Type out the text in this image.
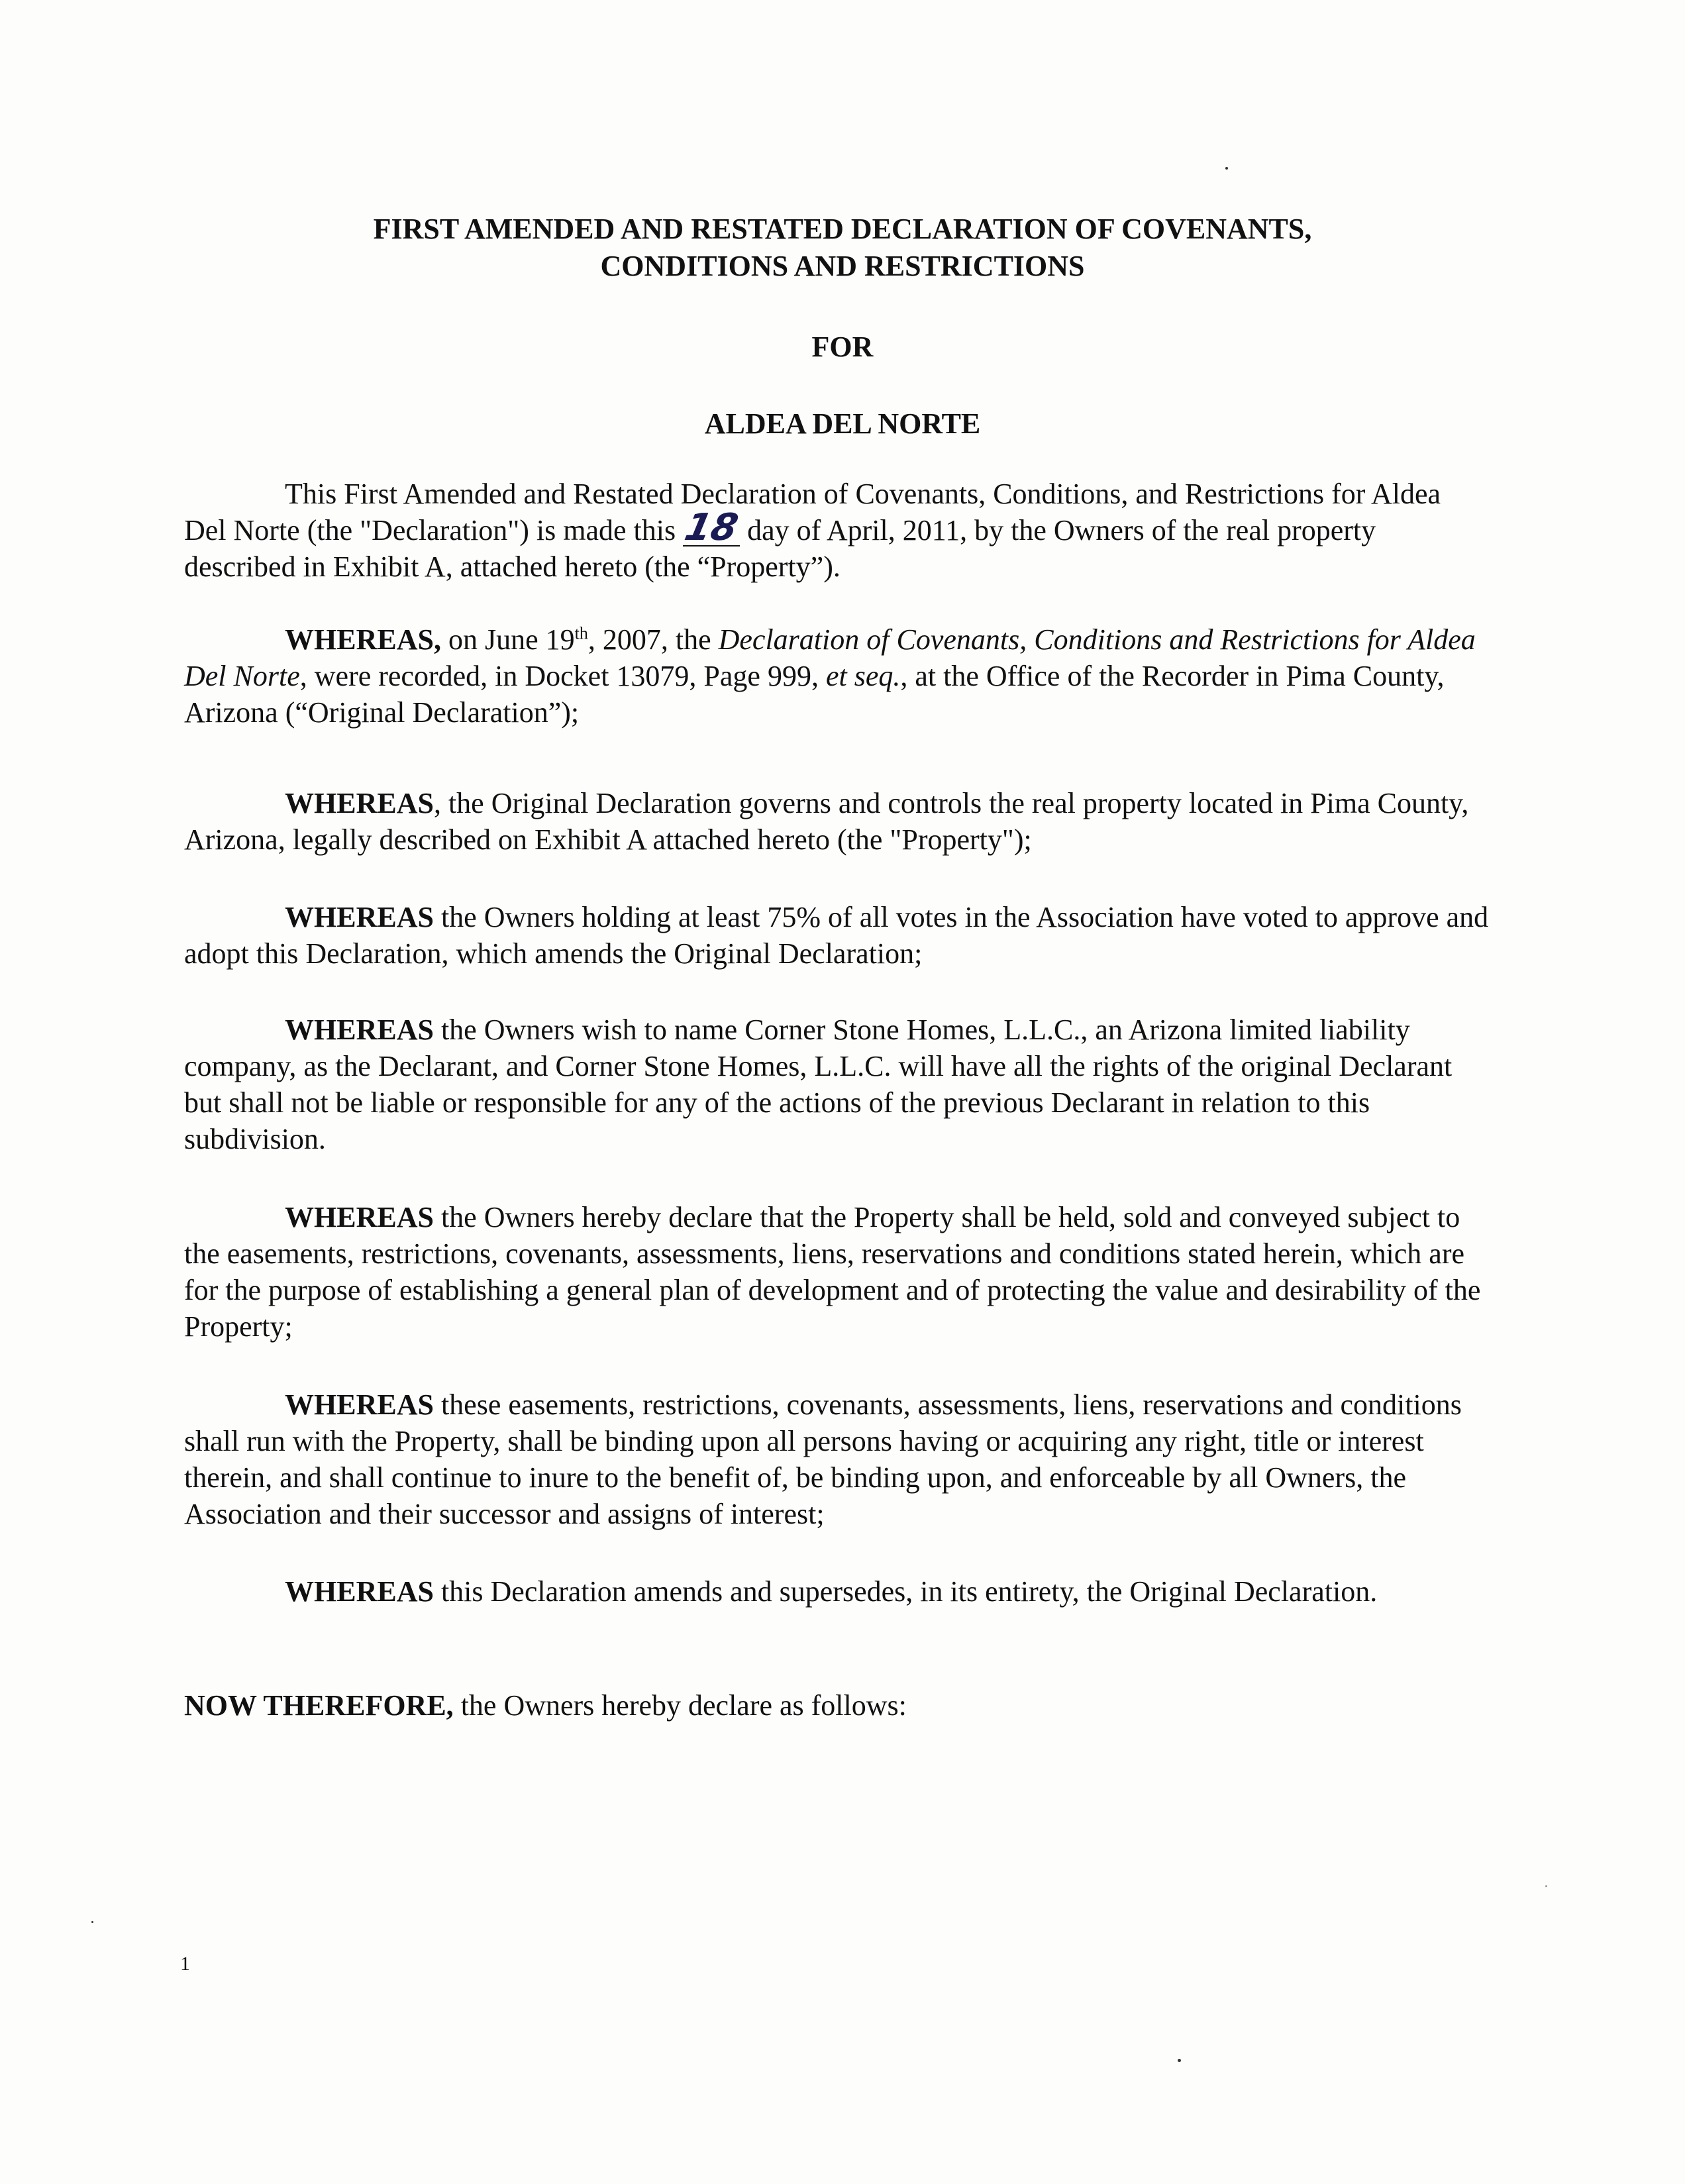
FIRST AMENDED AND RESTATED DECLARATION OF COVENANTS,
CONDITIONS AND RESTRICTIONS

FOR

ALDEA DEL NORTE

This First Amended and Restated Declaration of Covenants, Conditions, and Restrictions for Aldea Del Norte (the "Declaration") is made this 18 day of April, 2011, by the Owners of the real property described in Exhibit A, attached hereto (the “Property”).

WHEREAS, on June 19th, 2007, the Declaration of Covenants, Conditions and Restrictions for Aldea Del Norte, were recorded, in Docket 13079, Page 999, et seq., at the Office of the Recorder in Pima County, Arizona (“Original Declaration”);

WHEREAS, the Original Declaration governs and controls the real property located in Pima County, Arizona, legally described on Exhibit A attached hereto (the "Property");

WHEREAS the Owners holding at least 75% of all votes in the Association have voted to approve and adopt this Declaration, which amends the Original Declaration;

WHEREAS the Owners wish to name Corner Stone Homes, L.L.C., an Arizona limited liability company, as the Declarant, and Corner Stone Homes, L.L.C. will have all the rights of the original Declarant but shall not be liable or responsible for any of the actions of the previous Declarant in relation to this subdivision.

WHEREAS the Owners hereby declare that the Property shall be held, sold and conveyed subject to the easements, restrictions, covenants, assessments, liens, reservations and conditions stated herein, which are for the purpose of establishing a general plan of development and of protecting the value and desirability of the Property;

WHEREAS these easements, restrictions, covenants, assessments, liens, reservations and conditions shall run with the Property, shall be binding upon all persons having or acquiring any right, title or interest therein, and shall continue to inure to the benefit of, be binding upon, and enforceable by all Owners, the Association and their successor and assigns of interest;

WHEREAS this Declaration amends and supersedes, in its entirety, the Original Declaration.

NOW THEREFORE, the Owners hereby declare as follows:

1
